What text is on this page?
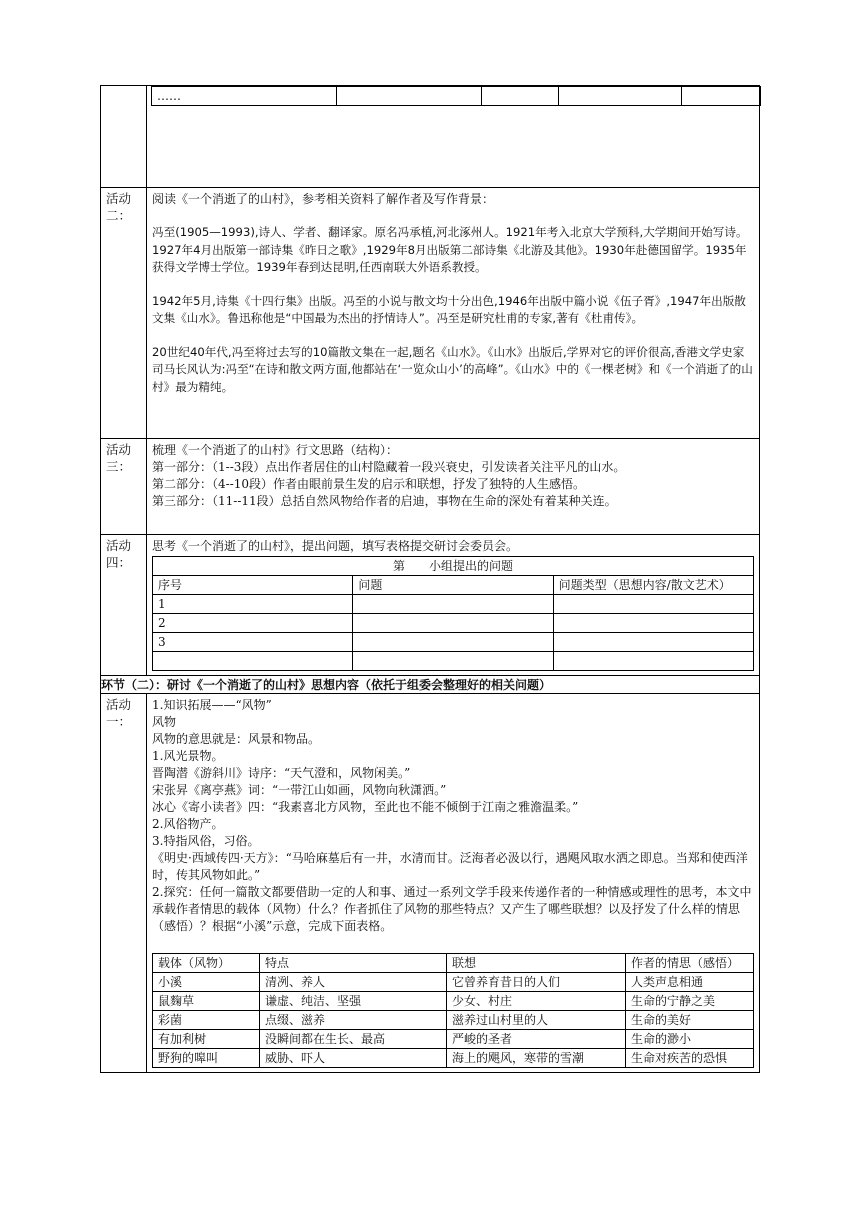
……				

活动二：	

阅读《一个消逝了的山村》，参考相关资料了解作者及写作背景：

冯至(1905—1993),诗人、学者、翻译家。原名冯承植,河北涿州人。1921年考入北京大学预科,大学期间开始写诗。1927年4月出版第一部诗集《昨日之歌》,1929年8月出版第二部诗集《北游及其他》。1930年赴德国留学。1935年获得文学博士学位。1939年春到达昆明,任西南联大外语系教授。

1942年5月,诗集《十四行集》出版。冯至的小说与散文均十分出色,1946年出版中篇小说《伍子胥》,1947年出版散文集《山水》。鲁迅称他是“中国最为杰出的抒情诗人”。冯至是研究杜甫的专家,著有《杜甫传》。

20世纪40年代,冯至将过去写的10篇散文集在一起,题名《山水》。《山水》出版后,学界对它的评价很高,香港文学史家司马长风认为:冯至“在诗和散文两方面,他都站在‘一览众山小’的高峰”。《山水》中的《一棵老树》和《一个消逝了的山村》最为精纯。

活动三：	

梳理《一个消逝了的山村》行文思路（结构）：

第一部分：（1--3段）点出作者居住的山村隐藏着一段兴衰史，引发读者关注平凡的山水。

第二部分：（4--10段）作者由眼前景生发的启示和联想，抒发了独特的人生感悟。

第三部分：（11--11段）总括自然风物给作者的启迪，事物在生命的深处有着某种关连。

活动四：	

思考《一个消逝了的山村》，提出问题，填写表格提交研讨会委员会。

第　　小组提出的问题
序号	问题	问题类型（思想内容/散文艺术）
1		
2		
3		

环节（二）：研讨《一个消逝了的山村》思想内容（依托于组委会整理好的相关问题）
活动一：	

1.知识拓展——“风物”

风物

风物的意思就是：风景和物品。

1.风光景物。

晋陶潜《游斜川》诗序：“天气澄和，风物闲美。”

宋张昇《离亭燕》词：“一带江山如画，风物向秋潇洒。”

冰心《寄小读者》四：“我素喜北方风物，至此也不能不倾倒于江南之雅澹温柔。”

2.风俗物产。

3.特指风俗，习俗。

《明史·西域传四·天方》：“马哈麻墓后有一井，水清而甘。泛海者必汲以行，遇飓风取水洒之即息。当郑和使西洋时，传其风物如此。”

2.探究：任何一篇散文都要借助一定的人和事、通过一系列文学手段来传递作者的一种情感或理性的思考，本文中承载作者情思的载体（风物）什么？作者抓住了风物的那些特点？又产生了哪些联想？以及抒发了什么样的情思（感悟）？根据“小溪”示意，完成下面表格。

载体（风物）	特点	联想	作者的情思（感悟）
小溪	清冽、养人	它曾养育昔日的人们	人类声息相通
鼠麴草	谦虚、纯洁、坚强	少女、村庄	生命的宁静之美
彩菌	点缀、滋养	滋养过山村里的人	生命的美好
有加利树	没瞬间都在生长、最高	严峻的圣者	生命的渺小
野狗的嗥叫	威胁、吓人	海上的飓风，寒带的雪潮	生命对疾苦的恐惧
